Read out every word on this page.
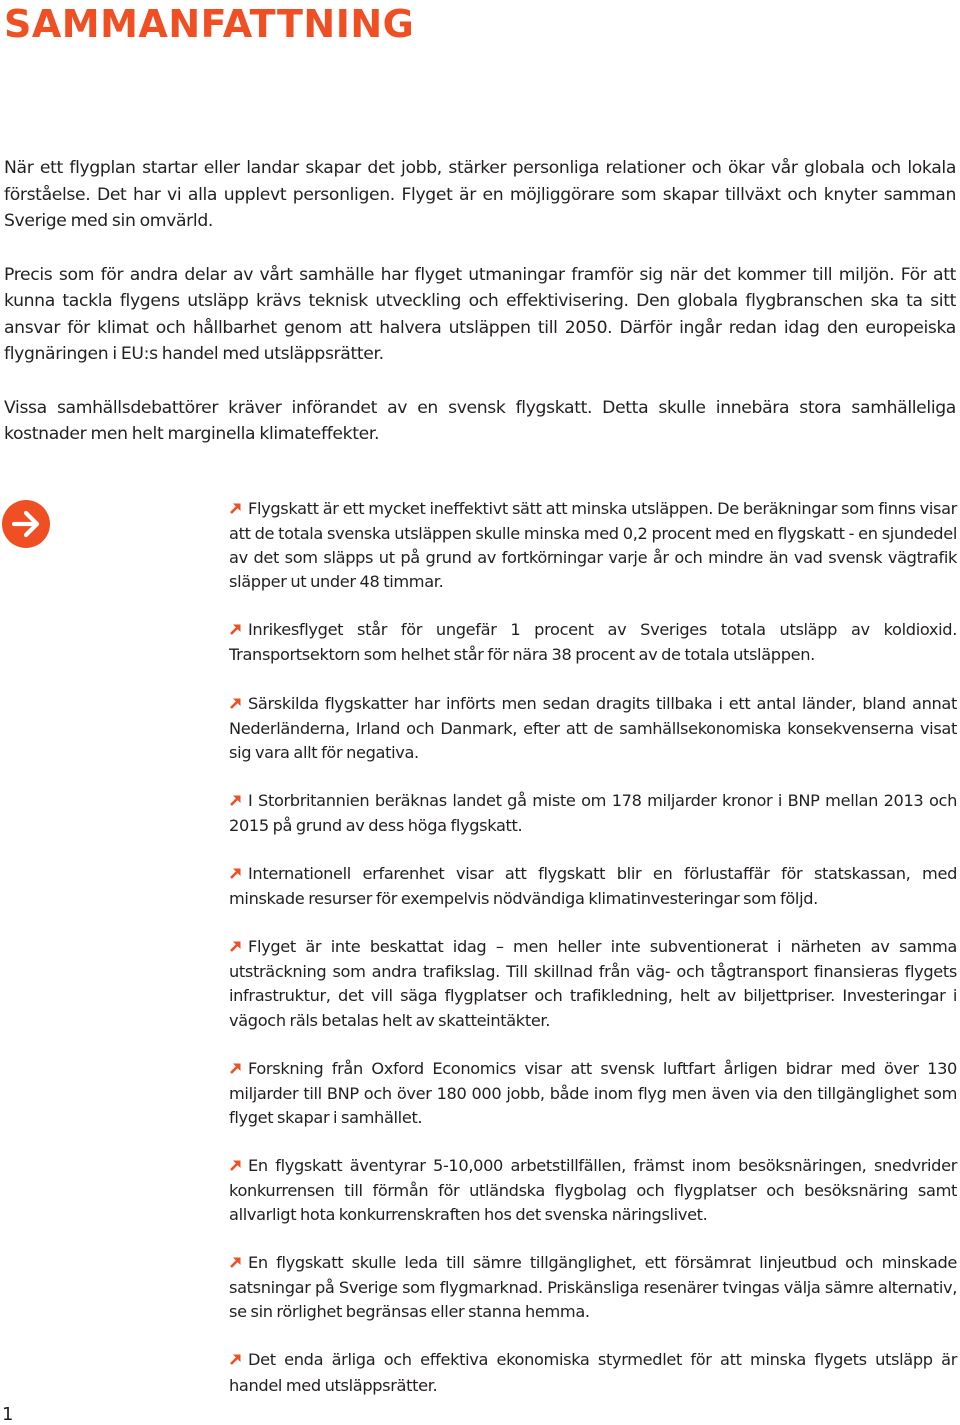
SAMMANFATTNING

När ett flygplan startar eller landar skapar det jobb, stärker personliga relationer och ökar vår globala och lokala förståelse. Det har vi alla upplevt personligen. Flyget är en möjliggörare som skapar tillväxt och knyter samman Sverige med sin omvärld.

Precis som för andra delar av vårt samhälle har flyget utmaningar framför sig när det kommer till miljön. För att kunna tackla flygens utsläpp krävs teknisk utveckling och effektivisering. Den globala flygbranschen ska ta sitt ansvar för klimat och hållbarhet genom att halvera utsläppen till 2050. Därför ingår redan idag den europeiska flygnäringen i EU:s handel med utsläppsrätter.

Vissa samhällsdebattörer kräver införandet av en svensk flygskatt. Detta skulle innebära stora samhälleliga kostnader men helt marginella klimateffekter.

Flygskatt är ett mycket ineffektivt sätt att minska utsläppen. De beräkningar som finns visar att de totala svenska utsläppen skulle minska med 0,2 procent med en flygskatt - en sjundedel av det som släpps ut på grund av fortkörningar varje år och mindre än vad svensk vägtrafik släpper ut under 48 timmar.
Inrikesflyget står för ungefär 1 procent av Sveriges totala utsläpp av koldioxid. Transportsektorn som helhet står för nära 38 procent av de totala utsläppen.
Särskilda flygskatter har införts men sedan dragits tillbaka i ett antal länder, bland annat Nederländerna, Irland och Danmark, efter att de samhällsekonomiska konsekvenserna visat sig vara allt för negativa.
I Storbritannien beräknas landet gå miste om 178 miljarder kronor i BNP mellan 2013 och 2015 på grund av dess höga flygskatt.
Internationell erfarenhet visar att flygskatt blir en förlustaffär för statskassan, med minskade resurser för exempelvis nödvändiga klimatinvesteringar som följd.
Flyget är inte beskattat idag – men heller inte subventionerat i närheten av samma utsträckning som andra trafikslag. Till skillnad från väg- och tågtransport finansieras flygets infrastruktur, det vill säga flygplatser och trafikledning, helt av biljettpriser. Investeringar i vägoch räls betalas helt av skatteintäkter.
Forskning från Oxford Economics visar att svensk luftfart årligen bidrar med över 130 miljarder till BNP och över 180 000 jobb, både inom flyg men även via den tillgänglighet som flyget skapar i samhället.
En flygskatt äventyrar 5-10,000 arbetstillfällen, främst inom besöksnäringen, snedvrider konkurrensen till förmån för utländska flygbolag och flygplatser och besöksnäring samt allvarligt hota konkurrenskraften hos det svenska näringslivet.
En flygskatt skulle leda till sämre tillgänglighet, ett försämrat linjeutbud och minskade satsningar på Sverige som flygmarknad. Priskänsliga resenärer tvingas välja sämre alternativ, se sin rörlighet begränsas eller stanna hemma.
Det enda ärliga och effektiva ekonomiska styrmedlet för att minska flygets utsläpp är handel med utsläppsrätter.
1
